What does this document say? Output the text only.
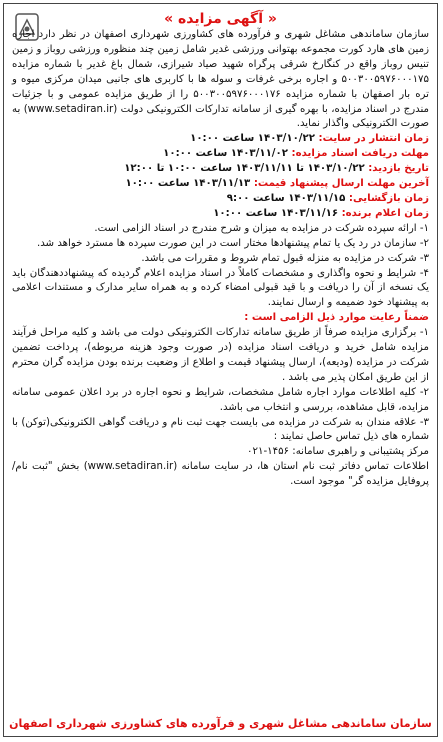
« آگهی مزایده »

سازمان ساماندهی مشاغل شهری و فرآورده های کشاورزی شهرداری اصفهان در نظر دارد اجاره زمین های هارد کورت مجموعه بهتوانی ورزشی غدیر شامل زمین چند منظوره ورزشی روباز و زمین تنیس روباز واقع در کنگارخ شرقی پرگراه شهید صیاد شیرازی، شمال باغ غدیر با شماره مزایده ۵۰۰۳۰۰۵۹۷۶۰۰۰۱۷۵ و اجاره برخی غرفات و سوله ها با کاربری های جانبی میدان مرکزی میوه و تره بار اصفهان با شماره مزایده ۵۰۰۳۰۰۵۹۷۶۰۰۰۱۷۶ را از طریق مزایده عمومی و با جزئیات مندرج در اسناد مزایده، با بهره گیری از سامانه تدارکات الکترونیکی دولت (www.setadiran.ir) به صورت الکترونیکی واگذار نماید.

زمان انتشار در سایت: ۱۴۰۳/۱۰/۲۲ ساعت ۱۰:۰۰

مهلت دریافت اسناد مزایده: ۱۴۰۳/۱۱/۰۲ ساعت ۱۰:۰۰

تاریخ بازدید: ۱۴۰۳/۱۰/۲۲ تا ۱۴۰۳/۱۱/۱۱ ساعت ۱۰:۰۰ تا ۱۲:۰۰

آخرین مهلت ارسال پیشنهاد قیمت: ۱۴۰۳/۱۱/۱۳ ساعت ۱۰:۰۰

زمان بازگشایی: ۱۴۰۳/۱۱/۱۵ ساعت ۹:۰۰

زمان اعلام برنده: ۱۴۰۳/۱۱/۱۶ ساعت ۱۰:۰۰

۱- ارائه سپرده شرکت در مزایده به میزان و شرح مندرج در اسناد الزامی است.

۲- سازمان در رد یک یا تمام پیشنهادها مختار است در این صورت سپرده ها مسترد خواهد شد.

۳- شرکت در مزایده به منزله قبول تمام شروط و مقررات می باشد.

۴- شرایط و نحوه واگذاری و مشخصات کاملاً در اسناد مزایده اعلام گردیده که پیشنهاددهندگان باید یک نسخه از آن را دریافت و با قید قبولی امضاء کرده و به همراه سایر مدارک و مستندات اعلامی به پیشنهاد خود ضمیمه و ارسال نمایند.

ضمناً رعایت موارد ذیل الزامی است :

۱- برگزاری مزایده صرفاً از طریق سامانه تدارکات الکترونیکی دولت می باشد و کلیه مراحل فرآیند مزایده شامل خرید و دریافت اسناد مزایده (در صورت وجود هزینه مربوطه)، پرداخت تضمین شرکت در مزایده (ودیعه)، ارسال پیشنهاد قیمت و اطلاع از وضعیت برنده بودن مزایده گران محترم از این طریق امکان پذیر می باشد .

۲- کلیه اطلاعات موارد اجاره شامل مشخصات، شرایط و نحوه اجاره در برد اعلان عمومی سامانه مزایده، قابل مشاهده، بررسی و انتخاب می باشد.

۳- علاقه مندان به شرکت در مزایده می بایست جهت ثبت نام و دریافت گواهی الکترونیکی(توکن) با شماره های ذیل تماس حاصل نمایند :

مرکز پشتیبانی و راهبری سامانه: ۱۴۵۶-۰۲۱

اطلاعات تماس دفاتر ثبت نام استان ها، در سایت سامانه (www.setadiran.ir) بخش "ثبت نام/پروفایل مزایده گر" موجود است.

سازمان ساماندهی مشاغل شهری و فرآورده های کشاورزی شهرداری اصفهان
